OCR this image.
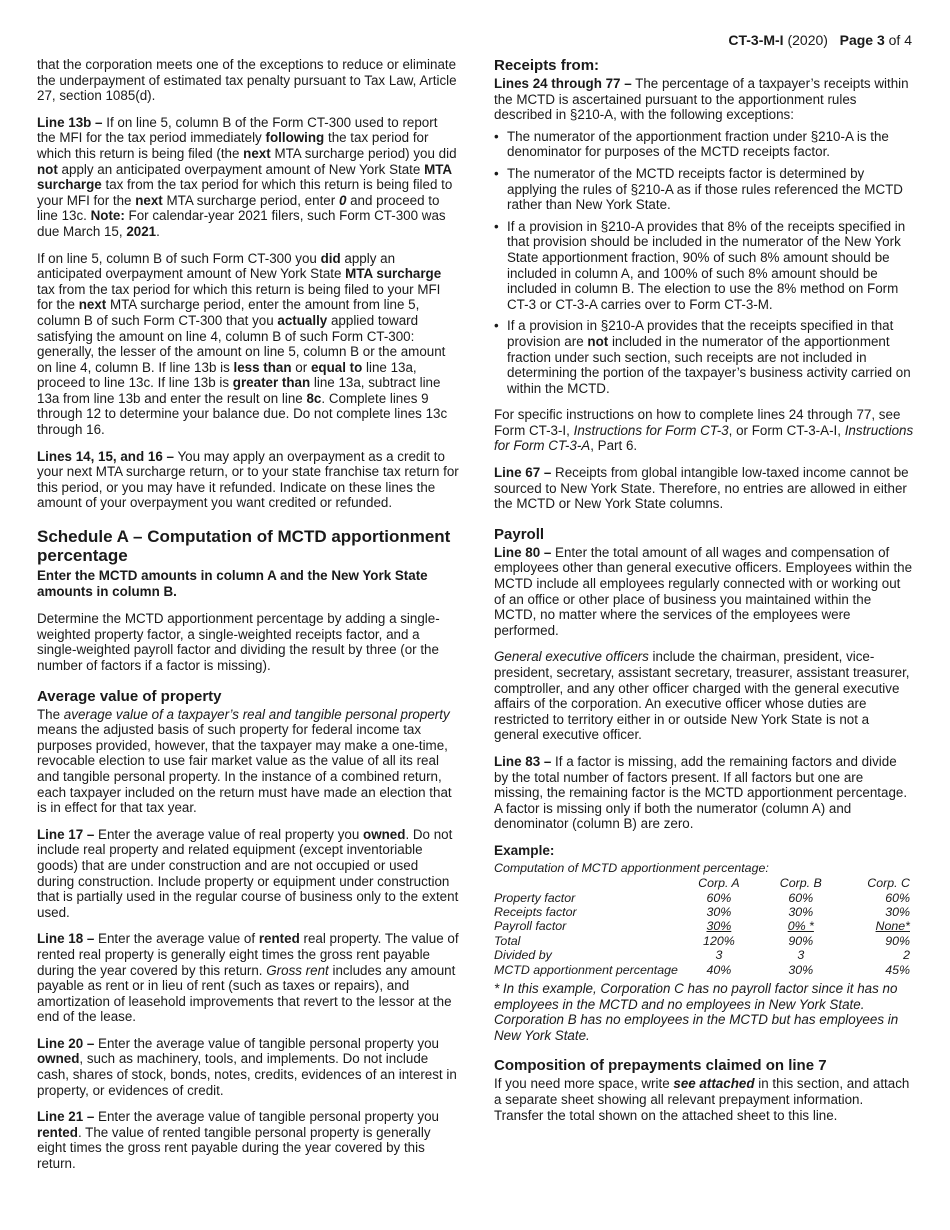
CT-3-M-I (2020) Page 3 of 4

that the corporation meets one of the exceptions to reduce or eliminate the underpayment of estimated tax penalty pursuant to Tax Law, Article 27, section 1085(d).

Line 13b – If on line 5, column B of the Form CT-300 used to report the MFI for the tax period immediately following the tax period for which this return is being filed (the next MTA surcharge period) you did not apply an anticipated overpayment amount of New York State MTA surcharge tax from the tax period for which this return is being filed to your MFI for the next MTA surcharge period, enter 0 and proceed to line 13c. Note: For calendar-year 2021 filers, such Form CT-300 was due March 15, 2021.

If on line 5, column B of such Form CT-300 you did apply an anticipated overpayment amount of New York State MTA surcharge tax from the tax period for which this return is being filed to your MFI for the next MTA surcharge period, enter the amount from line 5, column B of such Form CT-300 that you actually applied toward satisfying the amount on line 4, column B of such Form CT-300: generally, the lesser of the amount on line 5, column B or the amount on line 4, column B. If line 13b is less than or equal to line 13a, proceed to line 13c. If line 13b is greater than line 13a, subtract line 13a from line 13b and enter the result on line 8c. Complete lines 9 through 12 to determine your balance due. Do not complete lines 13c through 16.

Lines 14, 15, and 16 – You may apply an overpayment as a credit to your next MTA surcharge return, or to your state franchise tax return for this period, or you may have it refunded. Indicate on these lines the amount of your overpayment you want credited or refunded.

Schedule A – Computation of MCTD apportionment percentage

Enter the MCTD amounts in column A and the New York State amounts in column B.

Determine the MCTD apportionment percentage by adding a single-weighted property factor, a single-weighted receipts factor, and a single-weighted payroll factor and dividing the result by three (or the number of factors if a factor is missing).

Average value of property

The average value of a taxpayer’s real and tangible personal property means the adjusted basis of such property for federal income tax purposes provided, however, that the taxpayer may make a one-time, revocable election to use fair market value as the value of all its real and tangible personal property. In the instance of a combined return, each taxpayer included on the return must have made an election that is in effect for that tax year.

Line 17 – Enter the average value of real property you owned. Do not include real property and related equipment (except inventoriable goods) that are under construction and are not occupied or used during construction. Include property or equipment under construction that is partially used in the regular course of business only to the extent used.

Line 18 – Enter the average value of rented real property. The value of rented real property is generally eight times the gross rent payable during the year covered by this return. Gross rent includes any amount payable as rent or in lieu of rent (such as taxes or repairs), and amortization of leasehold improvements that revert to the lessor at the end of the lease.

Line 20 – Enter the average value of tangible personal property you owned, such as machinery, tools, and implements. Do not include cash, shares of stock, bonds, notes, credits, evidences of an interest in property, or evidences of credit.

Line 21 – Enter the average value of tangible personal property you rented. The value of rented tangible personal property is generally eight times the gross rent payable during the year covered by this return.

Receipts from:

Lines 24 through 77 – The percentage of a taxpayer’s receipts within the MCTD is ascertained pursuant to the apportionment rules described in §210-A, with the following exceptions:

• The numerator of the apportionment fraction under §210-A is the denominator for purposes of the MCTD receipts factor.
• The numerator of the MCTD receipts factor is determined by applying the rules of §210-A as if those rules referenced the MCTD rather than New York State.
• If a provision in §210-A provides that 8% of the receipts specified in that provision should be included in the numerator of the New York State apportionment fraction, 90% of such 8% amount should be included in column A, and 100% of such 8% amount should be included in column B. The election to use the 8% method on Form CT-3 or CT-3-A carries over to Form CT-3-M.
• If a provision in §210-A provides that the receipts specified in that provision are not included in the numerator of the apportionment fraction under such section, such receipts are not included in determining the portion of the taxpayer’s business activity carried on within the MCTD.

For specific instructions on how to complete lines 24 through 77, see Form CT-3-I, Instructions for Form CT-3, or Form CT-3-A-I, Instructions for Form CT-3-A, Part 6.

Line 67 – Receipts from global intangible low-taxed income cannot be sourced to New York State. Therefore, no entries are allowed in either the MCTD or New York State columns.

Payroll

Line 80 – Enter the total amount of all wages and compensation of employees other than general executive officers. Employees within the MCTD include all employees regularly connected with or working out of an office or other place of business you maintained within the MCTD, no matter where the services of the employees were performed.

General executive officers include the chairman, president, vice-president, secretary, assistant secretary, treasurer, assistant treasurer, comptroller, and any other officer charged with the general executive affairs of the corporation. An executive officer whose duties are restricted to territory either in or outside New York State is not a general executive officer.

Line 83 – If a factor is missing, add the remaining factors and divide by the total number of factors present. If all factors but one are missing, the remaining factor is the MCTD apportionment percentage. A factor is missing only if both the numerator (column A) and denominator (column B) are zero.

Example:

Computation of MCTD apportionment percentage:

	Corp. A	Corp. B	Corp. C
Property factor	60%	60%	60%
Receipts factor	30%	30%	30%
Payroll factor	30%	0% *	None*
Total	120%	90%	90%
Divided by	3	3	2
MCTD apportionment percentage	40%	30%	45%

* In this example, Corporation C has no payroll factor since it has no employees in the MCTD and no employees in New York State. Corporation B has no employees in the MCTD but has employees in New York State.

Composition of prepayments claimed on line 7

If you need more space, write see attached in this section, and attach a separate sheet showing all relevant prepayment information. Transfer the total shown on the attached sheet to this line.
